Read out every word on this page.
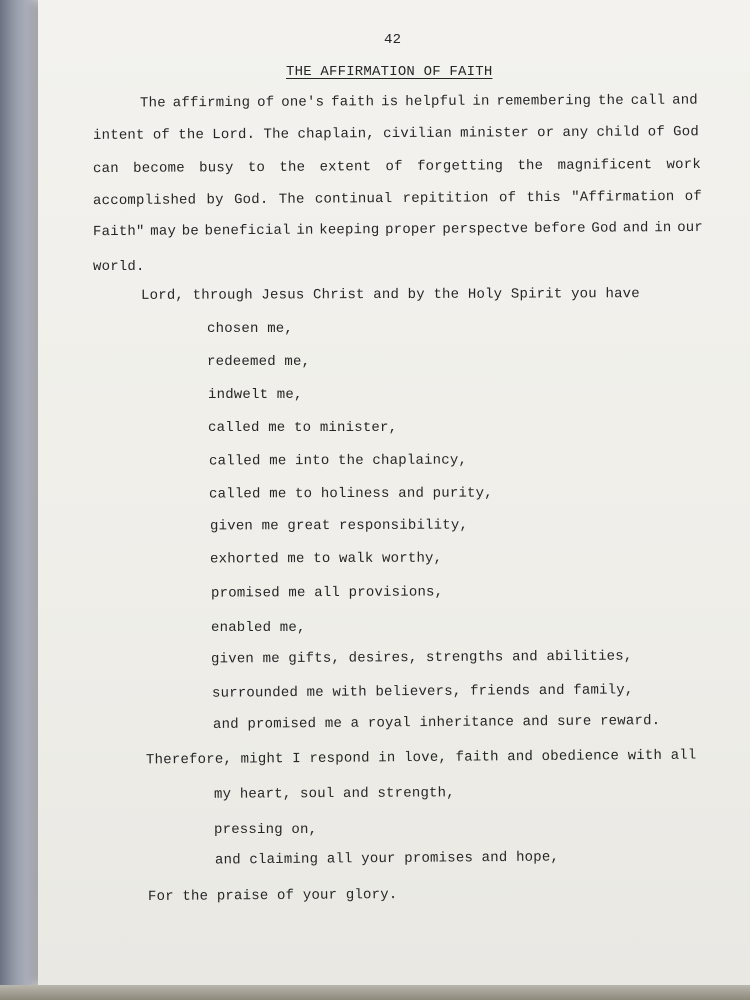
42
THE AFFIRMATION OF FAITH
The affirming of one's faith is helpful in remembering the call and
intent of the Lord. The chaplain, civilian minister or any child of God
can become busy to the extent of forgetting the magnificent work
accomplished by God. The continual repitition of this "Affirmation of
Faith" may be beneficial in keeping proper perspectve before God and in our
world.
Lord, through Jesus Christ and by the Holy Spirit you have
chosen me,
redeemed me,
indwelt me,
called me to minister,
called me into the chaplaincy,
called me to holiness and purity,
given me great responsibility,
exhorted me to walk worthy,
promised me all provisions,
enabled me,
given me gifts, desires, strengths and abilities,
surrounded me with believers, friends and family,
and promised me a royal inheritance and sure reward.
Therefore, might I respond in love, faith and obedience with all
my heart, soul and strength,
pressing on,
and claiming all your promises and hope,
For the praise of your glory.
